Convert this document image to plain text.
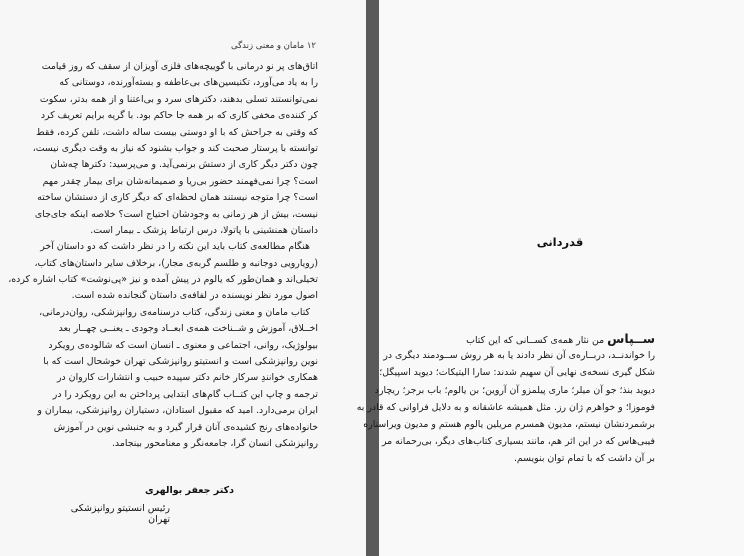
۱۲ مامان و معنی زندگی
اتاق‌های پر نو درمانی با گوییچه‌های فلزی آویزان از سقف که روز قیامت
را به یاد می‌آورد، تکنیسین‌های بی‌عاطفه و بسته‌آورنده، دوستانی که
نمی‌توانستند تسلی بدهند، دکترهای سرد و بی‌اعتنا و از همه بدتر، سکوت
کر کننده‌ی مخفی کاری که بر همه جا حاکم بود. با گریه برایم تعریف کرد
که وقتی به جراحش که با او دوستی بیست ساله داشت، تلفن کرده، فقط
توانسته با پرستار صحبت کند و جواب بشنود که نیاز به وقت دیگری نیست،
چون دکتر دیگر کاری از دستش برنمی‌آید. و می‌پرسید: دکترها چه‌شان
است؟ چرا نمی‌فهمند حضور بی‌ریا و صمیمانه‌شان برای بیمار چقدر مهم
است؟ چرا متوجه نیستند همان لحظه‌ای که دیگر کاری از دستشان ساخته
نیست، بیش از هر زمانی به وجودشان احتیاج است؟ خلاصه اینکه جای‌جای
داستان همنشینی با پاتولا، درس ارتباط پزشک ـ بیمار است.
هنگام مطالعه‌ی کتاب باید این نکته را در نظر داشت که دو داستان آخر
(رویارویی دوجانبه و طلسم گربه‌ی مجار)، برخلاف سایر داستان‌های کتاب،
تخیلی‌اند و همان‌طور که یالوم در پیش آمده و نیز «پی‌نوشت» کتاب اشاره کرده،
اصول مورد نظر نویسنده در لفافه‌ی داستان گنجانده شده است.
کتاب ماما‌ن و معنی زندگی، کتاب درسنامه‌ی روانپزشکی، روان‌درمانی،
اخــلاق، آموزش و شــناخت همه‌ی ابعــاد وجودی ـ یعنــی چهــار بعد
بیولوژیک، روانی، اجتماعی و معنوی ـ انسان است که شالوده‌ی رویکرد
نوین روانپزشکی است و انستیتو روانپزشکی تهران خوشحال است که با
همکاری خوانندِ سرکار خانم دکتر سپیده حبیب و انتشارات کاروان در
ترجمه و چاپ این کتــاب گام‌های ابتدایی پرداختن به این رویکرد را در
ایران برمی‌دارد. امید که مقبول استادان، دستیاران روانپزشکی، بیماران و
خانواده‌های رنج کشیده‌ی آنان قرار گیرد و به جنبشی نوین در آموزش
روانپزشکی انسان گرا، جامعه‌نگر و معنامحور بینجامد.
دکتر جعفر بوالهری
رئیس انستیتو روانپزشکی تهران
قدردانی
ســپاس من نثار همه‌ی کســانی که این کتاب
را خواندنــد، دربــاره‌ی آن نظر دادند یا به هر روش ســودمند دیگری در
شکل گیری نسخه‌ی نهایی آن سهیم شدند: سارا الیتیکات؛ دیوید اسپیگل؛
دیوید بنذ؛ جو آن میلر؛ ماری پیلمزو آن آروین؛ بن یالوم؛ باب برجر؛ ریچارد
فوموزا؛ و خواهرم ژان رز. مثل همیشه عاشقانه و به دلایل فراوانی که قادر به
برشمردنشان نیستم، مدیون همسرم مریلین یالوم هستم و مدیون ویراستاره
فیبی‌هاس که در این اثر هم، مانند بسیاری کتاب‌های دیگر، بی‌رحمانه مر
بر آن داشت که با تمام توان بنویسم.
